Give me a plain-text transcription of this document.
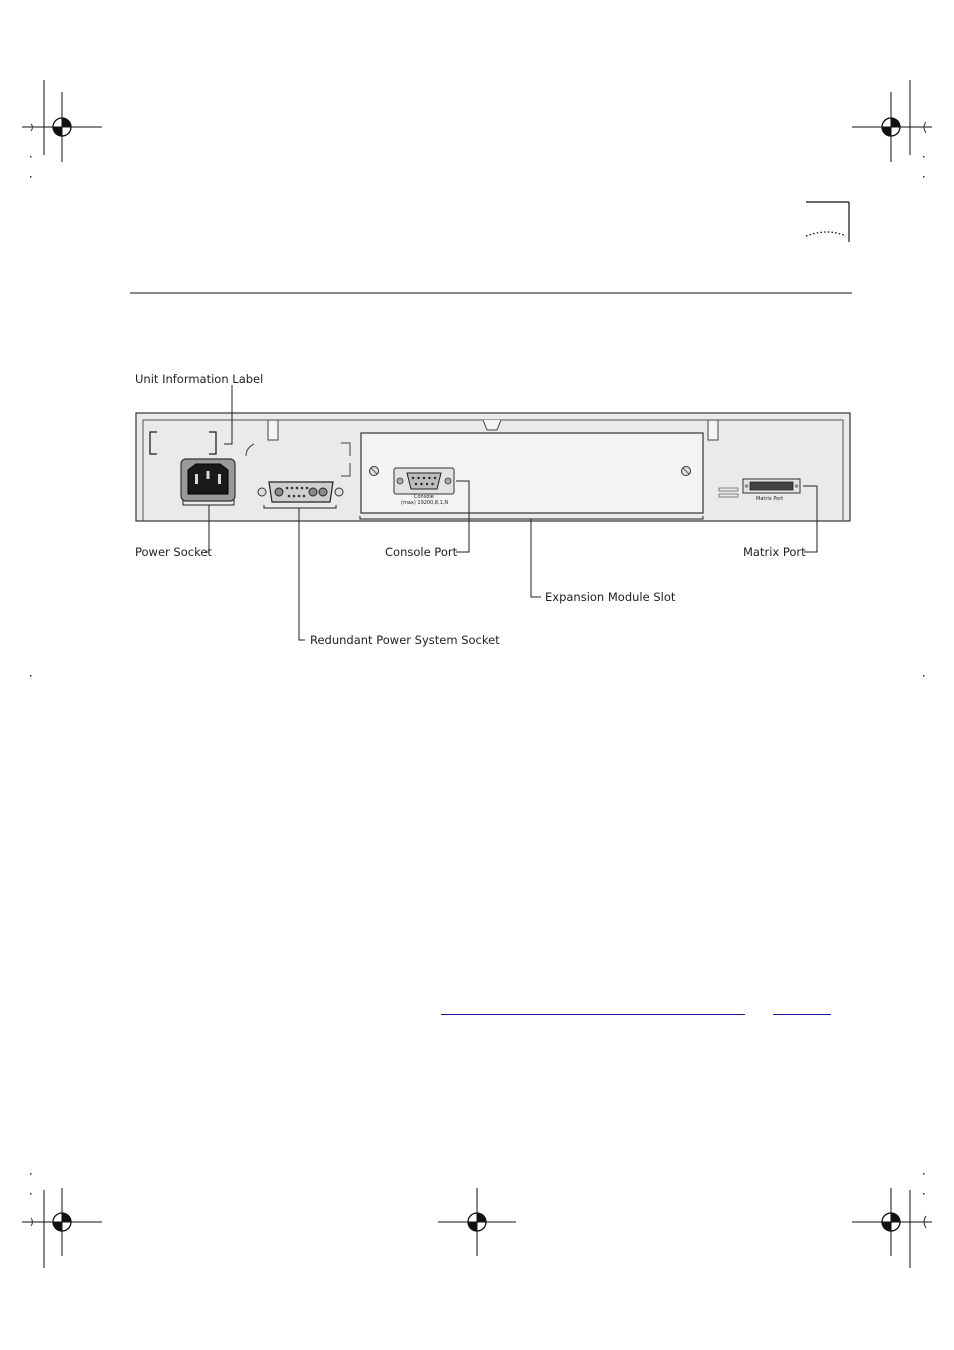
Console
(max) 19200,8,1,N
Matrix Port
Unit Information Label
Power Socket	Console Port	Matrix Port
Expansion Module Slot
Redundant Power System Socket
